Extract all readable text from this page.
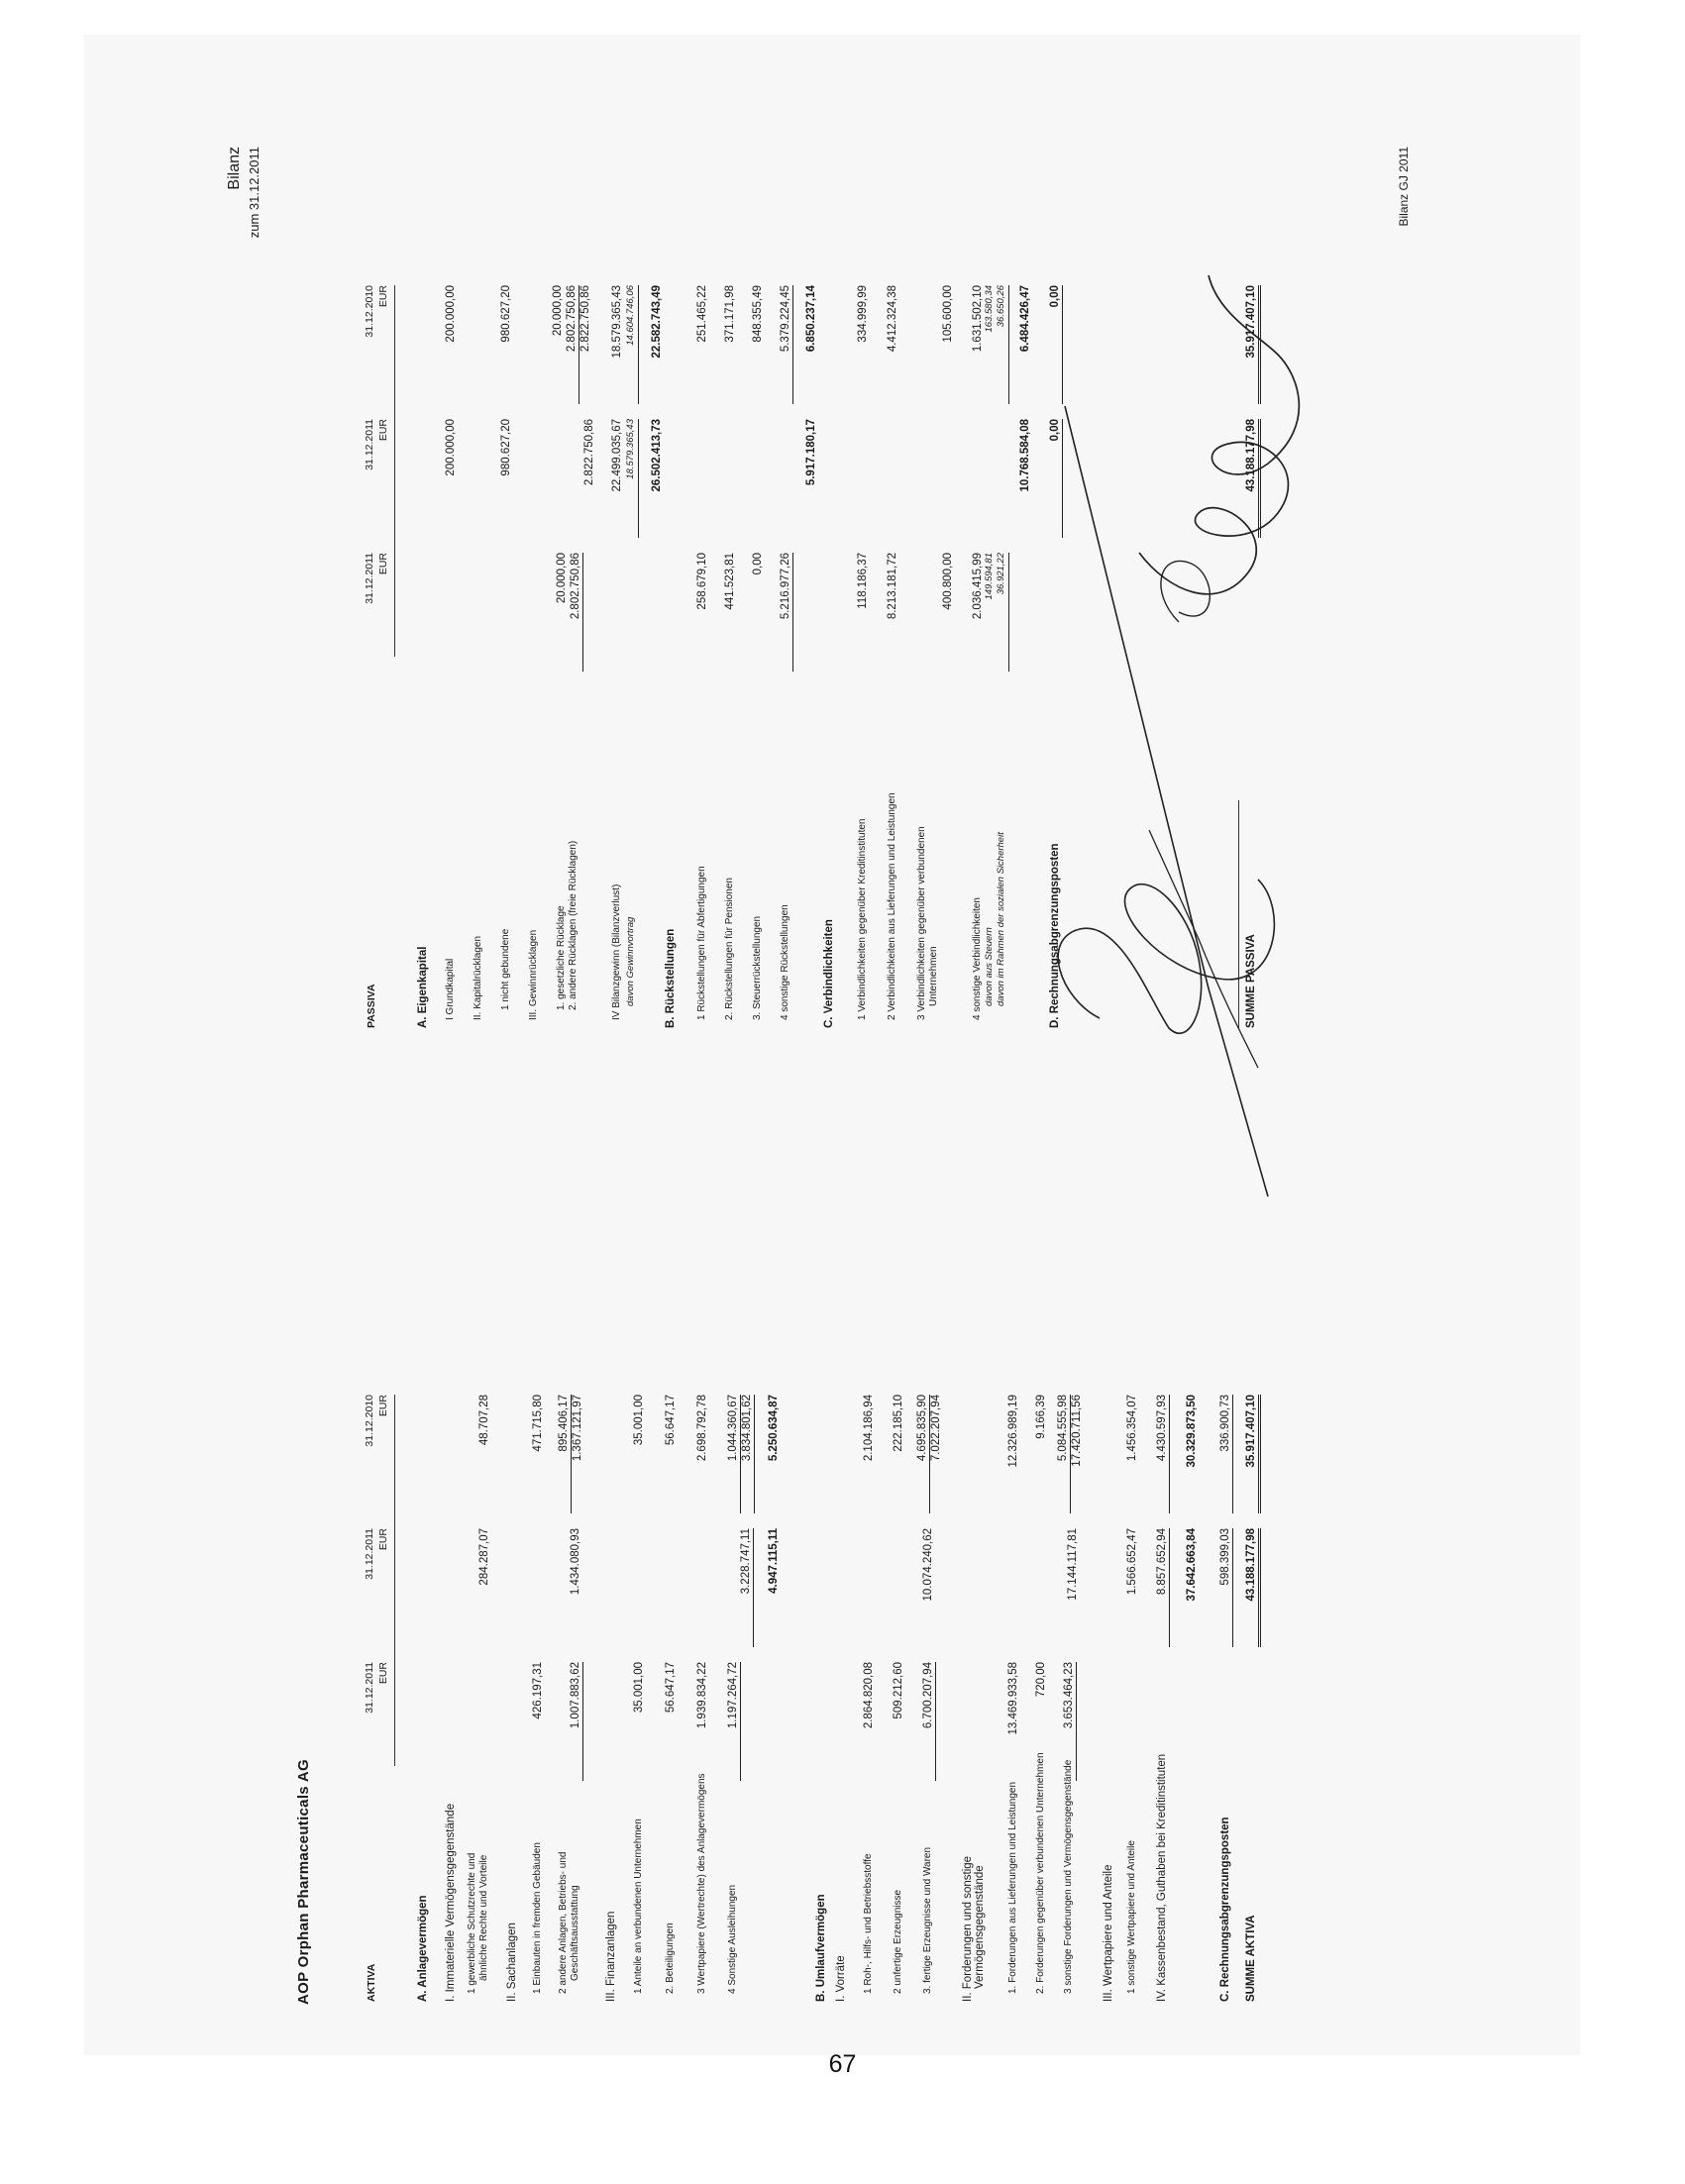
AOP Orphan Pharmaceuticals AG
Bilanz zum 31.12.2011	Bilanz GJ 2011
AKTIVA
31.12.2011 EUR
31.12.2011 EUR
31.12.2010 EUR
A. Anlagevermögen I. Immaterielle Vermögensgegenstände 1 gewerbliche Schutzrechte und ähnliche Rechte und Vorteile
284.287,07
48.707,28
II. Sachanlagen 1 Einbauten in fremden Gebäuden
426.197,31
471.715,80
2 andere Anlagen, Betriebs- und Geschäftsausstattung
1.007.883,62
1.434.080,93
895.406,17 1.367.121,97
III. Finanzanlagen 1 Anteile an verbundenen Unternehmen
35.001,00
35.001,00
2. Beteiligungen
56.647,17
56.647,17
3 Wertpapiere (Wertrechte) des Anlagevermögens
1.939.834,22
2.698.792,78
4 Sonstige Ausleihungen
1.197.264,72
3.228.747,11
1.044.360,67 3.834.801,62
4.947.115,11
5.250.634,87
B. Umlaufvermögen I. Vorräte 1 Roh-, Hilfs- und Betriebsstoffe
2.864.820,08
2.104.186,94
2 unfertige Erzeugnisse
509.212,60
222.185,10
3. fertige Erzeugnisse und Waren
6.700.207,94
10.074.240,62
4.695.835,90 7.022.207,94
II. Forderungen und sonstige Vermögensgegenstände 1. Forderungen aus Lieferungen und Leistungen
13.469.933,58
12.326.989,19
2. Forderungen gegenüber verbundenen Unternehmen
720,00
9.166,39
3 sonstige Forderungen und Vermögensgegenstände
3.653.464,23
17.144.117,81
5.084.555,98 17.420.711,56
III. Wertpapiere und Anteile 1 sonstige Wertpapiere und Anteile
1.566.652,47
1.456.354,07
IV. Kassenbestand, Guthaben bei Kreditinstituten
8.857.652,94
4.430.597,93
37.642.663,84
30.329.873,50
C. Rechnungsabgrenzungsposten
598.399,03
336.900,73
SUMME AKTIVA
43.188.177,98
35.917.407,10
PASSIVA
31.12.2011 EUR
31.12.2011 EUR
31.12.2010 EUR
A. Eigenkapital I Grundkapital
200.000,00
200.000,00
II. Kapitalrücklagen 1 nicht gebundene
980.627,20
980.627,20
III. Gewinnrücklagen 1. gesetzliche Rücklage
20.000,00
20.000,00
2. andere Rücklagen (freie Rücklagen)
2.802.750,86
2.822.750,86
2.802.750,86 2.822.750,86
IV Bilanzgewinn (Bilanzverlust) davon Gewinnvortrag
22.499.035,67 18.579.365,43
18.579.365,43 14.604.746,06
26.502.413,73
22.582.743,49
B. Rückstellungen 1 Rückstellungen für Abfertigungen
258.679,10
251.465,22
2. Rückstellungen für Pensionen
441.523,81
371.171,98
3. Steuerrückstellungen
0,00
848.355,49
4 sonstige Rückstellungen
5.216.977,26
5.379.224,45
5.917.180,17
6.850.237,14
C. Verbindlichkeiten 1 Verbindlichkeiten gegenüber Kreditinstituten
118.186,37
334.999,99
2 Verbindlichkeiten aus Lieferungen und Leistungen
8.213.181,72
4.412.324,38
3 Verbindlichkeiten gegenüber verbundenen Unternehmen
400.800,00
105.600,00
4 sonstige Verbindlichkeiten davon aus Steuern davon im Rahmen der sozialen Sicherheit
2.036.415,99 149.594,81 36.921,22
10.768.584,08
1.631.502,10 163.580,34 36.650,26 6.484.426,47
D. Rechnungsabgrenzungsposten
0,00
0,00
SUMME PASSIVA
43.188.177,98
35.917.407,10
67
